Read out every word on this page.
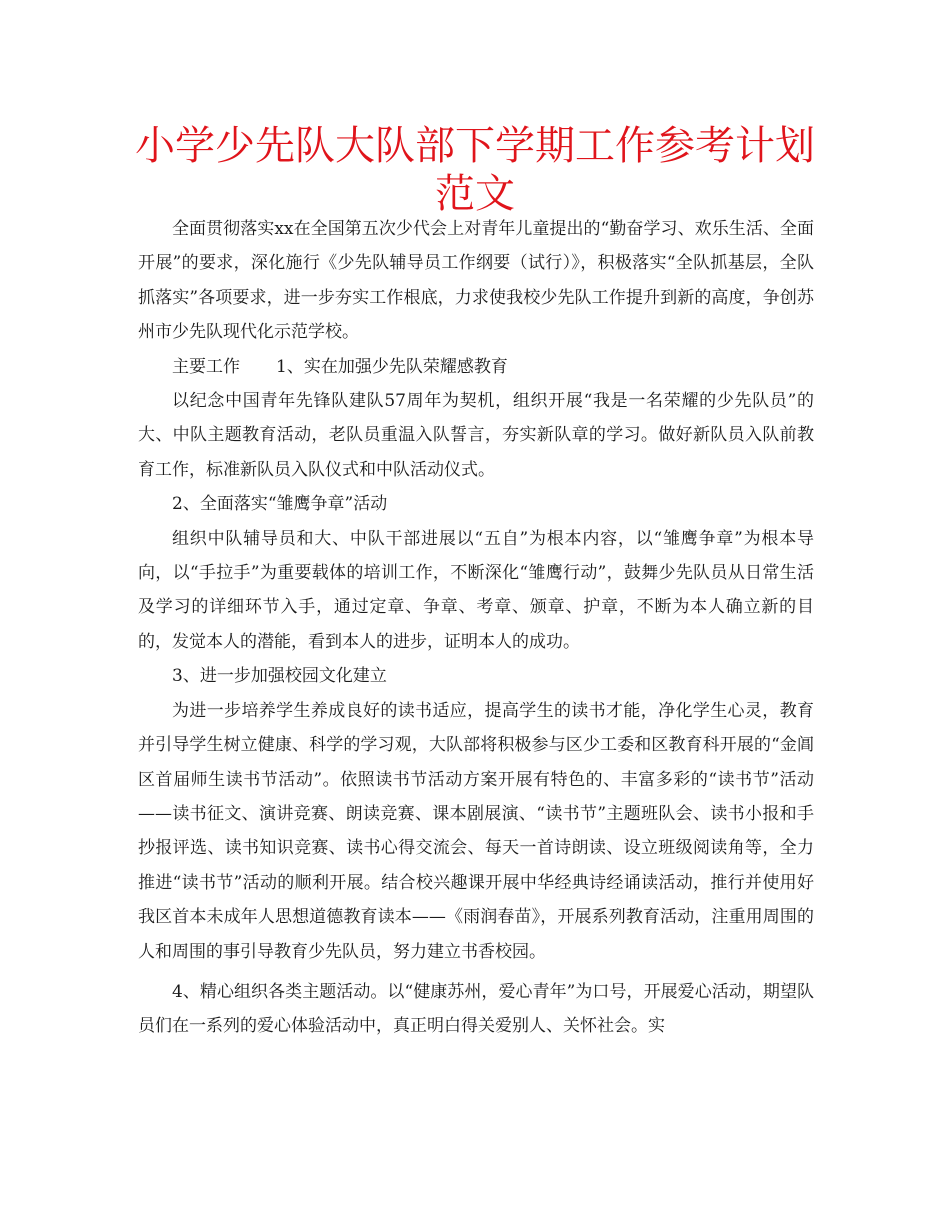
小学少先队大队部下学期工作参考计划范文

全面贯彻落实xx在全国第五次少代会上对青年儿童提出的“勤奋学习、欢乐生活、全面开展”的要求，深化施行《少先队辅导员工作纲要（试行）》，积极落实“全队抓基层，全队抓落实”各项要求，进一步夯实工作根底，力求使我校少先队工作提升到新的高度，争创苏州市少先队现代化示范学校。

主要工作 1、实在加强少先队荣耀感教育

以纪念中国青年先锋队建队57周年为契机，组织开展“我是一名荣耀的少先队员”的大、中队主题教育活动，老队员重温入队誓言，夯实新队章的学习。做好新队员入队前教育工作，标准新队员入队仪式和中队活动仪式。

2、全面落实“雏鹰争章”活动

组织中队辅导员和大、中队干部进展以“五自”为根本内容，以“雏鹰争章”为根本导向，以“手拉手”为重要载体的培训工作，不断深化“雏鹰行动”，鼓舞少先队员从日常生活及学习的详细环节入手，通过定章、争章、考章、颁章、护章，不断为本人确立新的目的，发觉本人的潜能，看到本人的进步，证明本人的成功。

3、进一步加强校园文化建立

为进一步培养学生养成良好的读书适应，提高学生的读书才能，净化学生心灵，教育并引导学生树立健康、科学的学习观，大队部将积极参与区少工委和区教育科开展的“金阊区首届师生读书节活动”。依照读书节活动方案开展有特色的、丰富多彩的“读书节”活动——读书征文、演讲竞赛、朗读竞赛、课本剧展演、“读书节”主题班队会、读书小报和手抄报评选、读书知识竞赛、读书心得交流会、每天一首诗朗读、设立班级阅读角等，全力推进“读书节”活动的顺利开展。结合校兴趣课开展中华经典诗经诵读活动，推行并使用好我区首本未成年人思想道德教育读本——《雨润春苗》，开展系列教育活动，注重用周围的人和周围的事引导教育少先队员，努力建立书香校园。

4、精心组织各类主题活动。以“健康苏州，爱心青年”为口号，开展爱心活动，期望队员们在一系列的爱心体验活动中，真正明白得关爱别人、关怀社会。实
